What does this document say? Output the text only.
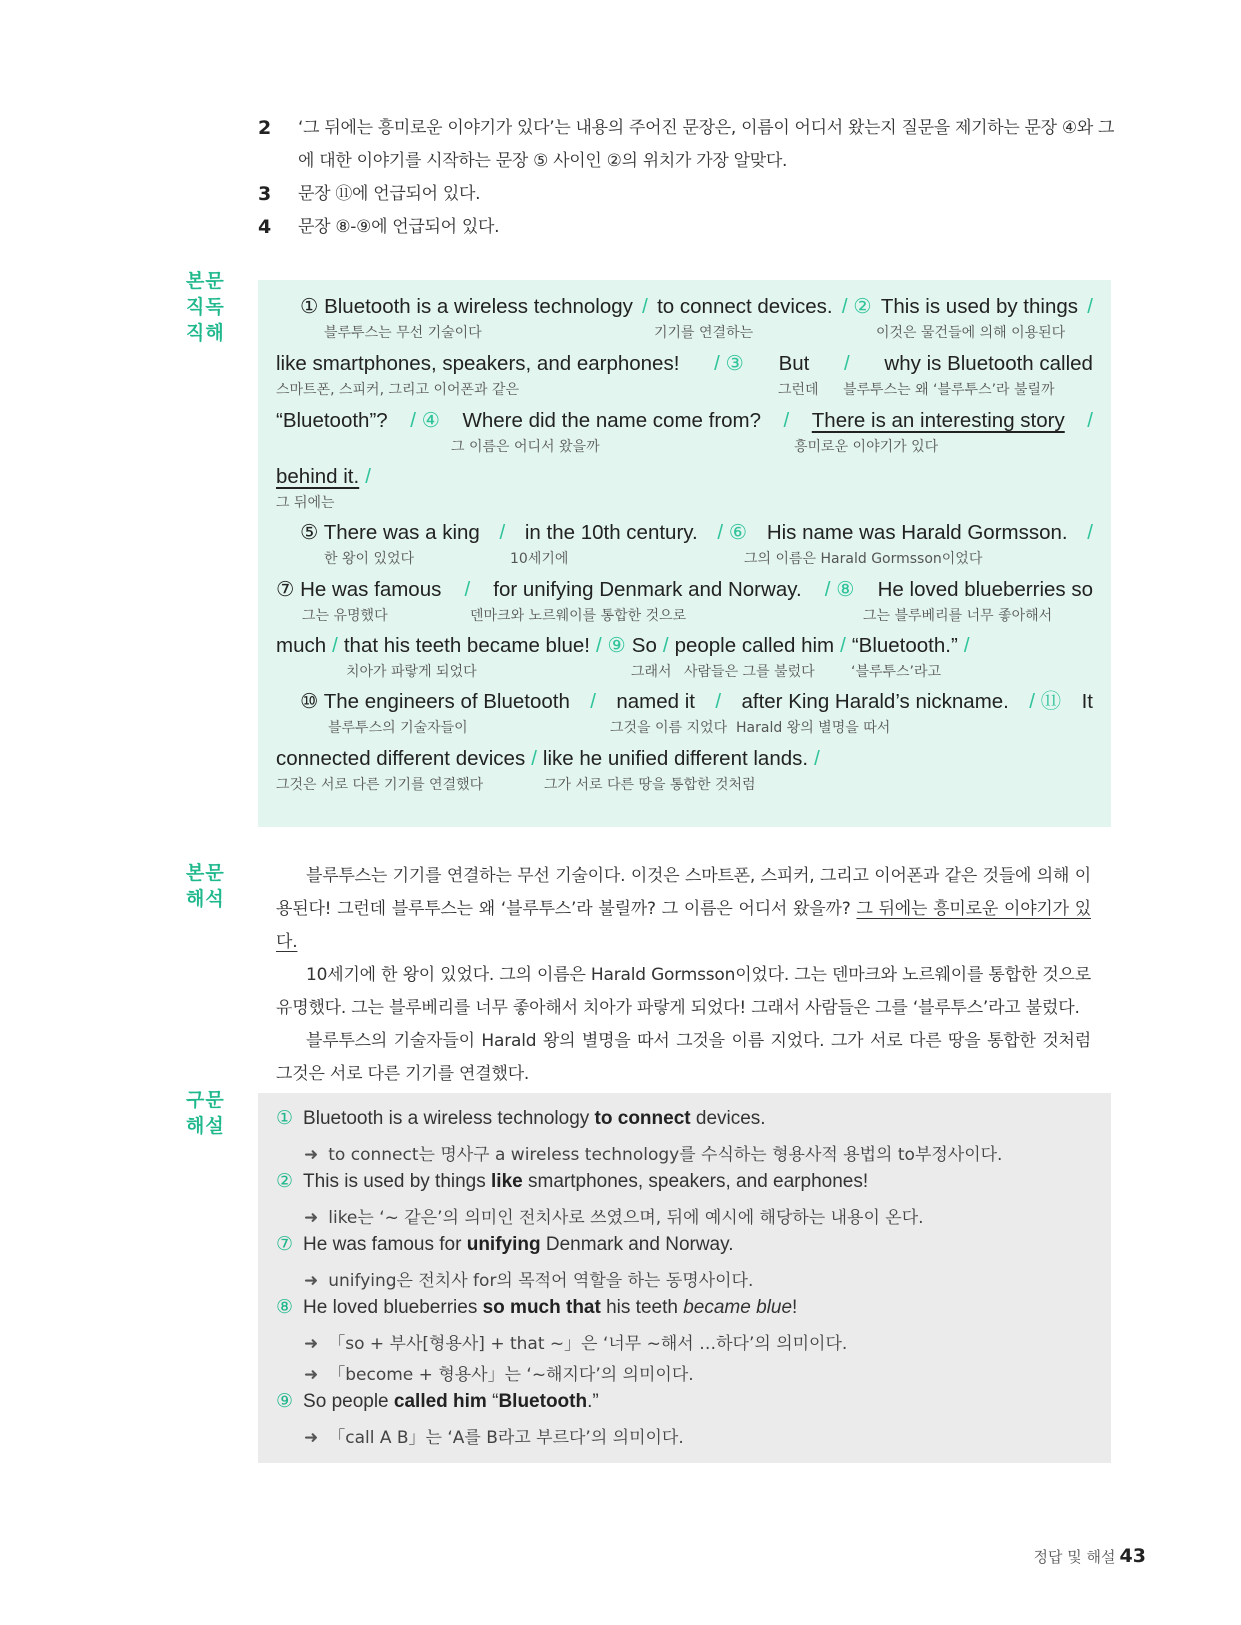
2	‘그 뒤에는 흥미로운 이야기가 있다’는 내용의 주어진 문장은, 이름이 어디서 왔는지 질문을 제기하는 문장 ④와 그
에 대한 이야기를 시작하는 문장 ⑤ 사이인 ②의 위치가 가장 알맞다.
3	문장 ⑪에 언급되어 있다.
4	문장 ⑧-⑨에 언급되어 있다.
본문
직독
직해
본문
해석
구문
해설
① Bluetooth is a wireless technology / to connect devices. / ② This is used by things /
블루투스는 무선 기술이다	기기를 연결하는	이것은 물건들에 의해 이용된다
like smartphones, speakers, and earphones! / ③ But / why is Bluetooth called
스마트폰, 스피커, 그리고 이어폰과 같은	그런데 블루투스는 왜 ‘블루투스’라 불릴까
“Bluetooth”? / ④ Where did the name come from? / There is an interesting story /
그 이름은 어디서 왔을까	흥미로운 이야기가 있다
behind it. /
그 뒤에는
⑤ There was a king / in the 10th century. / ⑥ His name was Harald Gormsson. /
한 왕이 있었다	10세기에	그의 이름은 Harald Gormsson이었다
⑦ He was famous / for unifying Denmark and Norway. / ⑧ He loved blueberries so
그는 유명했다	덴마크와 노르웨이를 통합한 것으로	그는 블루베리를 너무 좋아해서
much / that his teeth became blue! / ⑨ So / people called him / “Bluetooth.” /
치아가 파랗게 되었다	그래서 사람들은 그를 불렀다	‘블루투스’라고
⑩ The engineers of Bluetooth / named it / after King Harald’s nickname. / ⑪ It
블루투스의 기술자들이	그것을 이름 지었다 Harald 왕의 별명을 따서
connected different devices / like he unified different lands. /
그것은 서로 다른 기기를 연결했다	그가 서로 다른 땅을 통합한 것처럼

블루투스는 기기를 연결하는 무선 기술이다. 이것은 스마트폰, 스피커, 그리고 이어폰과 같은 것들에 의해 이용된다! 그런데 블루투스는 왜 ‘블루투스’라 불릴까? 그 이름은 어디서 왔을까? 그 뒤에는 흥미로운 이야기가 있다.

10세기에 한 왕이 있었다. 그의 이름은 Harald Gormsson이었다. 그는 덴마크와 노르웨이를 통합한 것으로 유명했다. 그는 블루베리를 너무 좋아해서 치아가 파랗게 되었다! 그래서 사람들은 그를 ‘블루투스’라고 불렀다.

블루투스의 기술자들이 Harald 왕의 별명을 따서 그것을 이름 지었다. 그가 서로 다른 땅을 통합한 것처럼 그것은 서로 다른 기기를 연결했다.

① Bluetooth is a wireless technology to connect devices.
➜ to connect는 명사구 a wireless technology를 수식하는 형용사적 용법의 to부정사이다.
② This is used by things like smartphones, speakers, and earphones!
➜ like는 ‘~ 같은’의 의미인 전치사로 쓰였으며, 뒤에 예시에 해당하는 내용이 온다.
⑦ He was famous for unifying Denmark and Norway.
➜ unifying은 전치사 for의 목적어 역할을 하는 동명사이다.
⑧ He loved blueberries so much that his teeth became blue!
➜ 「so + 부사[형용사] + that ~」은 ‘너무 ~해서 …하다’의 의미이다.
➜ 「become + 형용사」는 ‘~해지다’의 의미이다.
⑨ So people called him “Bluetooth.”
➜ 「call A B」는 ‘A를 B라고 부르다’의 의미이다.
정답 및 해설 43
